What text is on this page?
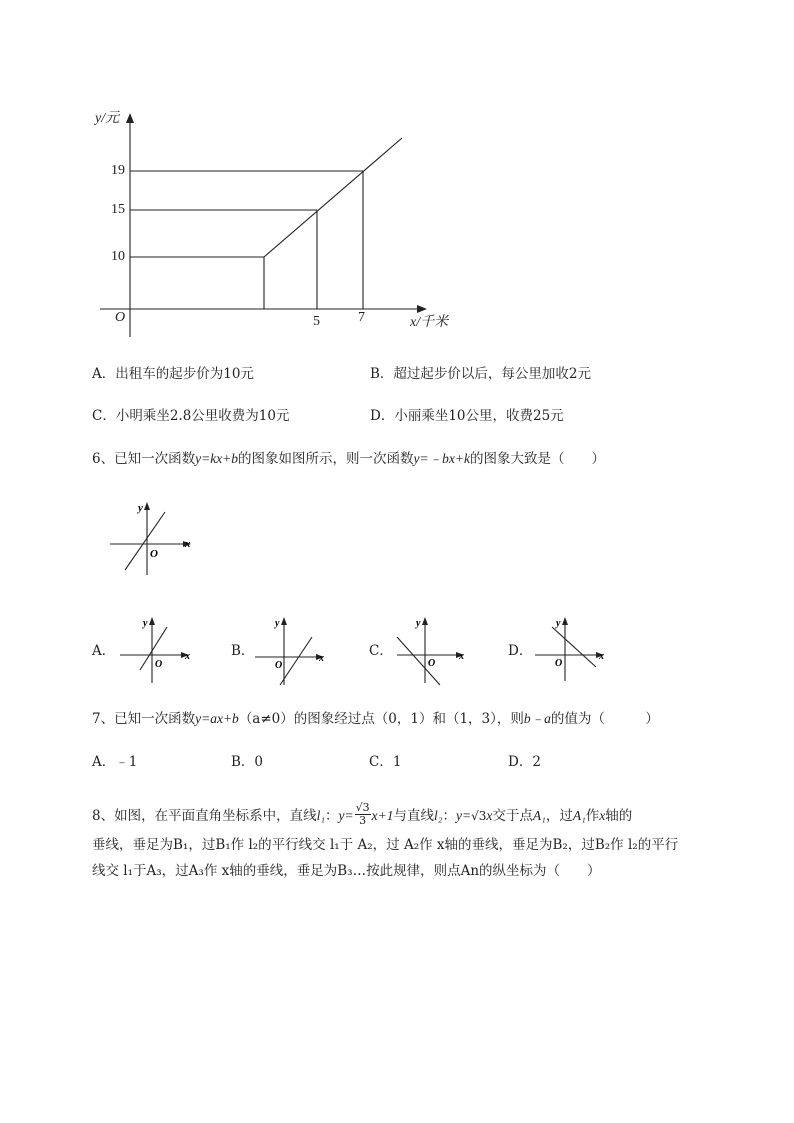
y/元
x/千米
O
19
15
10
5	7
A．出租车的起步价为10元	B．超过起步价以后，每公里加收2元
C．小明乘坐2.8公里收费为10元	D．小丽乘坐10公里，收费25元
6、已知一次函数y=kx+b的图象如图所示，则一次函数y=﹣bx+k的图象大致是（　　）
y
x
O
A．
y
x
O
B．
y
x
O
C．
y
x
O
D．
y
x
O
7、已知一次函数y=ax+b（a≠0）的图象经过点（0，1）和（1，3），则b﹣a的值为（　　　）
A．﹣1	B．0	C．1	D．2
8、如图，在平面直角坐标系中，直线l₁：$y= \frac{√3}{3} x+1$与直线l₂：y=√3x交于点A₁，过A₁作x轴的
垂线，垂足为B₁，过B₁作 l₂的平行线交 l₁于 A₂，过 A₂作 x轴的垂线，垂足为B₂，过B₂作 l₂的平行
线交 l₁于A₃，过A₃作 x轴的垂线，垂足为B₃…按此规律，则点An的纵坐标为（　　）
